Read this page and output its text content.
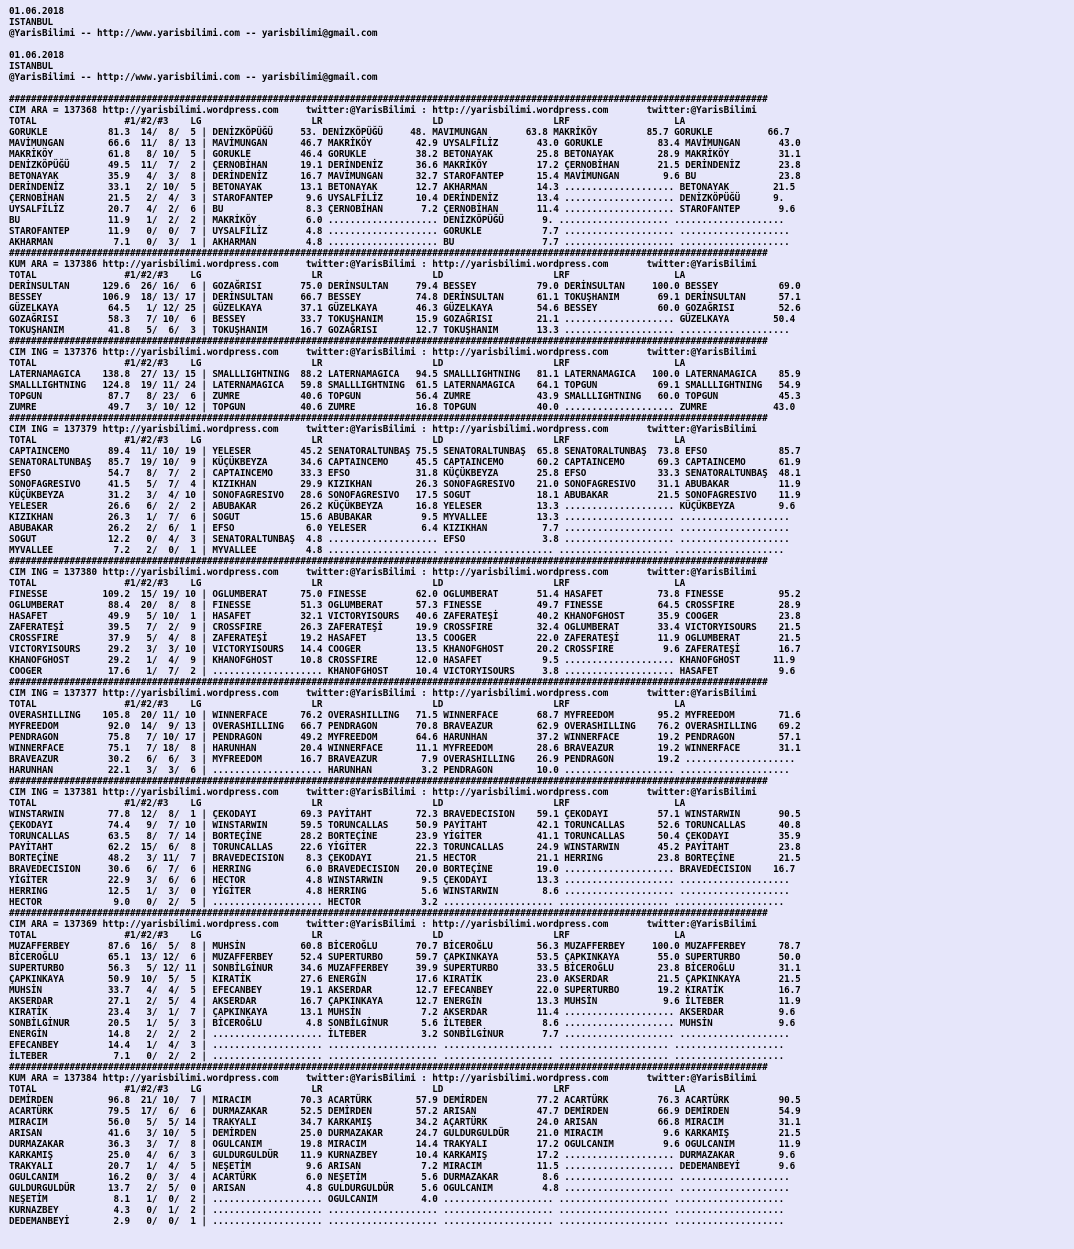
01.06.2018
ISTANBUL
@YarisBilimi -- http://www.yarisbilimi.com -- yarisbilimi@gmail.com

01.06.2018
ISTANBUL
@YarisBilimi -- http://www.yarisbilimi.com -- yarisbilimi@gmail.com

##########################################################################################################################################
CIM ARA = 137368 http://yarisbilimi.wordpress.com     twitter:@YarisBilimi : http://yarisbilimi.wordpress.com       twitter:@YarisBilimi
TOTAL                #1/#2/#3    LG                    LR                    LD                    LRF                   LA
GORUKLE           81.3  14/  8/  5 | DENİZKÖPÜĞÜ     53. DENİZKÖPÜĞÜ     48. MAVIMUNGAN       63.8 MAKRİKÖY         85.7 GORUKLE          66.7
MAVİMUNGAN        66.6  11/  8/ 13 | MAVİMUNGAN      46.7 MAKRİKÖY        42.9 UYSALFİLİZ       43.0 GORUKLE          83.4 MAVİMUNGAN       43.0
MAKRİKÖY          61.8   8/ 10/  5 | GORUKLE         46.4 GORUKLE         38.2 BETONAYAK        25.8 BETONAYAK        28.9 MAKRİKÖY         31.1
DENİZKÖPÜĞÜ       49.5  11/  7/  2 | ÇERNOBİHAN      19.1 DERİNDENİZ      36.6 MAKRİKÖY         17.2 ÇERNOBİHAN       21.5 DERİNDENİZ       23.8
BETONAYAK         35.9   4/  3/  8 | DERİNDENİZ      16.7 MAVİMUNGAN      32.7 STAROFANTEP      15.4 MAVİMUNGAN        9.6 BU               23.8
DERİNDENİZ        33.1   2/ 10/  5 | BETONAYAK       13.1 BETONAYAK       12.7 AKHARMAN         14.3 .................... BETONAYAK        21.5
ÇERNOBİHAN        21.5   2/  4/  3 | STAROFANTEP      9.6 UYSALFİLİZ      10.4 DERİNDENİZ       13.4 .................... DENİZKÖPÜĞÜ      9.
UYSALFİLİZ        20.7   4/  2/  6 | BU               8.3 ÇERNOBİHAN       7.2 ÇERNOBİHAN       11.4 .................... STAROFANTEP       9.6
BU                11.9   1/  2/  2 | MAKRİKÖY         6.0 .................... DENİZKÖPÜĞÜ       9. .................... ....................
STAROFANTEP       11.9   0/  0/  7 | UYSALFİLİZ       4.8 .................... GORUKLE           7.7 .................... ....................
AKHARMAN           7.1   0/  3/  1 | AKHARMAN         4.8 .................... BU                7.7 .................... ....................
##########################################################################################################################################
KUM ARA = 137386 http://yarisbilimi.wordpress.com     twitter:@YarisBilimi : http://yarisbilimi.wordpress.com       twitter:@YarisBilimi
TOTAL                #1/#2/#3    LG                    LR                    LD                    LRF                   LA
DERİNSULTAN      129.6  26/ 16/  6 | GOZAĞRISI       75.0 DERİNSULTAN     79.4 BESSEY           79.0 DERİNSULTAN     100.0 BESSEY           69.0
BESSEY           106.9  18/ 13/ 17 | DERİNSULTAN     66.7 BESSEY          74.8 DERİNSULTAN      61.1 TOKUŞHANIM       69.1 DERİNSULTAN      57.1
GÜZELKAYA         64.5   1/ 12/ 25 | GÜZELKAYA       37.1 GÜZELKAYA       46.3 GÜZELKAYA        54.6 BESSEY           60.0 GOZAĞRISI        52.6
GOZAĞRISI         58.3   7/ 10/  6 | BESSEY          33.7 TOKUŞHANIM      15.9 GOZAĞRISI        21.1 .................... GÜZELKAYA        50.4
TOKUŞHANIM        41.8   5/  6/  3 | TOKUŞHANIM      16.7 GOZAĞRISI       12.7 TOKUŞHANIM       13.3 .................... ....................
##########################################################################################################################################
CIM ING = 137376 http://yarisbilimi.wordpress.com     twitter:@YarisBilimi : http://yarisbilimi.wordpress.com       twitter:@YarisBilimi
TOTAL                #1/#2/#3    LG                    LR                    LD                    LRF                   LA
LATERNAMAGICA    138.8  27/ 13/ 15 | SMALLLIGHTNING  88.2 LATERNAMAGICA   94.5 SMALLLIGHTNING   81.1 LATERNAMAGICA   100.0 LATERNAMAGICA    85.9
SMALLLIGHTNING   124.8  19/ 11/ 24 | LATERNAMAGICA   59.8 SMALLLIGHTNING  61.5 LATERNAMAGICA    64.1 TOPGUN           69.1 SMALLLIGHTNING   54.9
TOPGUN            87.7   8/ 23/  6 | ZUMRE           40.6 TOPGUN          56.4 ZUMRE            43.9 SMALLLIGHTNING   60.0 TOPGUN           45.3
ZUMRE             49.7   3/ 10/ 12 | TOPGUN          40.6 ZUMRE           16.8 TOPGUN           40.0 .................... ZUMRE            43.0
##########################################################################################################################################
CIM ING = 137379 http://yarisbilimi.wordpress.com     twitter:@YarisBilimi : http://yarisbilimi.wordpress.com       twitter:@YarisBilimi
TOTAL                #1/#2/#3    LG                    LR                    LD                    LRF                   LA
CAPTAINCEMO       89.4  11/ 10/ 19 | YELESER         45.2 SENATORALTUNBAŞ 75.5 SENATORALTUNBAŞ  65.8 SENATORALTUNBAŞ  73.8 EFSO             85.7
SENATORALTUNBAŞ   85.7  19/ 10/  9 | KÜÇÜKBEYZA      34.6 CAPTAINCEMO     45.5 CAPTAINCEMO      60.2 CAPTAINCEMO      69.3 CAPTAINCEMO      61.9
EFSO              54.7   8/  7/  2 | CAPTAINCEMO     33.3 EFSO            31.8 KÜÇÜKBEYZA       25.8 EFSO             33.3 SENATORALTUNBAŞ  48.1
SONOFAGRESIVO     41.5   5/  7/  4 | KIZIKHAN        29.9 KIZIKHAN        26.3 SONOFAGRESIVO    21.0 SONOFAGRESIVO    31.1 ABUBAKAR         11.9
KÜÇÜKBEYZA        31.2   3/  4/ 10 | SONOFAGRESIVO   28.6 SONOFAGRESIVO   17.5 SOGUT            18.1 ABUBAKAR         21.5 SONOFAGRESIVO    11.9
YELESER           26.6   6/  2/  2 | ABUBAKAR        26.2 KÜÇÜKBEYZA      16.8 YELESER          13.3 .................... KÜÇÜKBEYZA        9.6
KIZIKHAN          26.3   1/  7/  6 | SOGUT           15.6 ABUBAKAR         9.5 MYVALLEE         13.3 .................... ....................
ABUBAKAR          26.2   2/  6/  1 | EFSO             6.0 YELESER          6.4 KIZIKHAN          7.7 .................... ....................
SOGUT             12.2   0/  4/  3 | SENATORALTUNBAŞ  4.8 .................... EFSO              3.8 .................... ....................
MYVALLEE           7.2   2/  0/  1 | MYVALLEE         4.8 .................... .................... .................... ....................
##########################################################################################################################################
CIM ING = 137380 http://yarisbilimi.wordpress.com     twitter:@YarisBilimi : http://yarisbilimi.wordpress.com       twitter:@YarisBilimi
TOTAL                #1/#2/#3    LG                    LR                    LD                    LRF                   LA
FINESSE          109.2  15/ 19/ 10 | OGLUMBERAT      75.0 FINESSE         62.0 OGLUMBERAT       51.4 HASAFET          73.8 FINESSE          95.2
OGLUMBERAT        88.4  20/  8/  8 | FINESSE         51.3 OGLUMBERAT      57.3 FINESSE          49.7 FINESSE          64.5 CROSSFIRE        28.9
HASAFET           49.9   5/ 10/  1 | HASAFET         32.1 VICTORYISOURS   40.6 ZAFERATEŞİ       40.2 KHANOFGHOST      35.9 COOGER           23.8
ZAFERATEŞİ        39.5   7/  2/  9 | CROSSFIRE       26.3 ZAFERATEŞİ      19.9 CROSSFIRE        32.4 OGLUMBERAT       33.4 VICTORYISOURS    21.5
CROSSFIRE         37.9   5/  4/  8 | ZAFERATEŞİ      19.2 HASAFET         13.5 COOGER           22.0 ZAFERATEŞİ       11.9 OGLUMBERAT       21.5
VICTORYISOURS     29.2   3/  3/ 10 | VICTORYISOURS   14.4 COOGER          13.5 KHANOFGHOST      20.2 CROSSFIRE         9.6 ZAFERATEŞİ       16.7
KHANOFGHOST       29.2   1/  4/  9 | KHANOFGHOST     10.8 CROSSFIRE       12.0 HASAFET           9.5 .................... KHANOFGHOST      11.9
COOGER            17.6   1/  7/  2 | .................... KHANOFGHOST     10.4 VICTORYISOURS     3.8 .................... HASAFET           9.6
##########################################################################################################################################
CIM ING = 137377 http://yarisbilimi.wordpress.com     twitter:@YarisBilimi : http://yarisbilimi.wordpress.com       twitter:@YarisBilimi
TOTAL                #1/#2/#3    LG                    LR                    LD                    LRF                   LA
OVERASHILLING    105.8  20/ 11/ 10 | WINNERFACE      76.2 OVERASHILLING   71.5 WINNERFACE       68.7 MYFREEDOM        95.2 MYFREEDOM        71.6
MYFREEDOM         92.0  14/  9/ 13 | OVERASHILLING   66.7 PENDRAGON       70.8 BRAVEAZUR        62.9 OVERASHILLING    76.2 OVERASHILLING    69.2
PENDRAGON         75.8   7/ 10/ 17 | PENDRAGON       49.2 MYFREEDOM       64.6 HARUNHAN         37.2 WINNERFACE       19.2 PENDRAGON        57.1
WINNERFACE        75.1   7/ 18/  8 | HARUNHAN        20.4 WINNERFACE      11.1 MYFREEDOM        28.6 BRAVEAZUR        19.2 WINNERFACE       31.1
BRAVEAZUR         30.2   6/  6/  3 | MYFREEDOM       16.7 BRAVEAZUR        7.9 OVERASHILLING    26.9 PENDRAGON        19.2 ....................
HARUNHAN          22.1   3/  3/  6 | .................... HARUNHAN         3.2 PENDRAGON        10.0 .................... ....................
##########################################################################################################################################
CIM ING = 137381 http://yarisbilimi.wordpress.com     twitter:@YarisBilimi : http://yarisbilimi.wordpress.com       twitter:@YarisBilimi
TOTAL                #1/#2/#3    LG                    LR                    LD                    LRF                   LA
WINSTARWIN        77.8  12/  8/  1 | ÇEKODAYI        69.3 PAYİTAHT        72.3 BRAVEDECISION    59.1 ÇEKODAYI         57.1 WINSTARWIN       90.5
ÇEKODAYI          74.4   9/  7/ 10 | WINSTARWIN      59.5 TORUNCALLAS     50.9 PAYİTAHT         42.1 TORUNCALLAS      52.6 TORUNCALLAS      40.8
TORUNCALLAS       63.5   8/  7/ 14 | BORTEÇİNE       28.2 BORTEÇİNE       23.9 YİGİTER          41.1 TORUNCALLAS      50.4 ÇEKODAYI         35.9
PAYİTAHT          62.2  15/  6/  8 | TORUNCALLAS     22.6 YİGİTER         22.3 TORUNCALLAS      24.9 WINSTARWIN       45.2 PAYİTAHT         23.8
BORTEÇİNE         48.2   3/ 11/  7 | BRAVEDECISION    8.3 ÇEKODAYI        21.5 HECTOR           21.1 HERRING          23.8 BORTEÇİNE        21.5
BRAVEDECISION     30.6   6/  7/  6 | HERRING          6.0 BRAVEDECISION   20.0 BORTEÇİNE        19.0 .................... BRAVEDECISION    16.7
YİGİTER           22.9   3/  6/  6 | HECTOR           4.8 WINSTARWIN       9.5 ÇEKODAYI         13.3 .................... ....................
HERRING           12.5   1/  3/  0 | YİGİTER          4.8 HERRING          5.6 WINSTARWIN        8.6 .................... ....................
HECTOR             9.0   0/  2/  5 | .................... HECTOR           3.2 .................... .................... ....................
##########################################################################################################################################
CIM ARA = 137369 http://yarisbilimi.wordpress.com     twitter:@YarisBilimi : http://yarisbilimi.wordpress.com       twitter:@YarisBilimi
TOTAL                #1/#2/#3    LG                    LR                    LD                    LRF                   LA
MUZAFFERBEY       87.6  16/  5/  8 | MUHSİN          60.8 BİCEROĞLU       70.7 BİCEROĞLU        56.3 MUZAFFERBEY     100.0 MUZAFFERBEY      78.7
BİCEROĞLU         65.1  13/ 12/  6 | MUZAFFERBEY     52.4 SUPERTURBO      59.7 ÇAPKINKAYA       53.5 ÇAPKINKAYA       55.0 SUPERTURBO       50.0
SUPERTURBO        56.3   5/ 12/ 11 | SONBİLGİNUR     34.6 MUZAFFERBEY     39.9 SUPERTURBO       33.5 BİCEROĞLU        23.8 BİCEROĞLU        31.1
ÇAPKINKAYA        50.9  10/  5/  5 | KIRATİK         27.6 ENERGİN         17.6 KIRATİK          23.0 AKSERDAR         21.5 ÇAPKINKAYA       21.5
MUHSİN            33.7   4/  4/  5 | EFECANBEY       19.1 AKSERDAR        12.7 EFECANBEY        22.0 SUPERTURBO       19.2 KIRATİK          16.7
AKSERDAR          27.1   2/  5/  4 | AKSERDAR        16.7 ÇAPKINKAYA      12.7 ENERGİN          13.3 MUHSİN            9.6 İLTEBER          11.9
KIRATİK           23.4   3/  1/  7 | ÇAPKINKAYA      13.1 MUHSİN           7.2 AKSERDAR         11.4 .................... AKSERDAR          9.6
SONBİLGİNUR       20.5   1/  5/  3 | BİCEROĞLU        4.8 SONBİLGİNUR      5.6 İLTEBER           8.6 .................... MUHSİN            9.6
ENERGİN           14.8   2/  2/  2 | .................... İLTEBER          3.2 SONBİLGİNUR       7.7 .................... ....................
EFECANBEY         14.4   1/  4/  3 | .................... .................... .................... .................... ....................
İLTEBER            7.1   0/  2/  2 | .................... .................... .................... .................... ....................
##########################################################################################################################################
KUM ARA = 137384 http://yarisbilimi.wordpress.com     twitter:@YarisBilimi : http://yarisbilimi.wordpress.com       twitter:@YarisBilimi
TOTAL                #1/#2/#3    LG                    LR                    LD                    LRF                   LA
DEMİRDEN          96.8  21/ 10/  7 | MIRACIM         70.3 ACARTÜRK        57.9 DEMİRDEN         77.2 ACARTÜRK         76.3 ACARTÜRK         90.5
ACARTÜRK          79.5  17/  6/  6 | DURMAZAKAR      52.5 DEMİRDEN        57.2 ARISAN           47.7 DEMİRDEN         66.9 DEMİRDEN         54.9
MIRACIM           56.0   5/  5/ 14 | TRAKYALI        34.7 KARKAMIŞ        34.2 AÇARTÜRK         24.0 ARISAN           66.8 MIRACIM          31.1
ARISAN            41.6   3/ 10/  5 | DEMİRDEN        25.0 DURMAZAKAR      24.7 GULDURGULDÜR     21.0 MIRACIM           9.6 KARKAMIŞ         21.5
DURMAZAKAR        36.3   3/  7/  8 | OGULCANIM       19.8 MIRACIM         14.4 TRAKYALI         17.2 OGULCANIM         9.6 OGULCANIM        11.9
KARKAMIŞ          25.0   4/  6/  3 | GULDURGULDÜR    11.9 KURNAZBEY       10.4 KARKAMIŞ         17.2 .................... DURMAZAKAR        9.6
TRAKYALI          20.7   1/  4/  5 | NEŞETİM          9.6 ARISAN           7.2 MIRACIM          11.5 .................... DEDEMANBEYİ       9.6
OGULCANIM         16.2   0/  3/  4 | ACARTÜRK         6.0 NEŞETİM          5.6 DURMAZAKAR        8.6 .................... ....................
GULDURGULDÜR      13.7   2/  5/  0 | ARISAN           4.8 GULDURGULDÜR     5.6 OGULCANIM         4.8 .................... ....................
NEŞETİM            8.1   1/  0/  2 | .................... OGULCANIM        4.0 .................... .................... ....................
KURNAZBEY          4.3   0/  1/  2 | .................... .................... .................... .................... ....................
DEDEMANBEYİ        2.9   0/  0/  1 | .................... .................... .................... .................... ....................
